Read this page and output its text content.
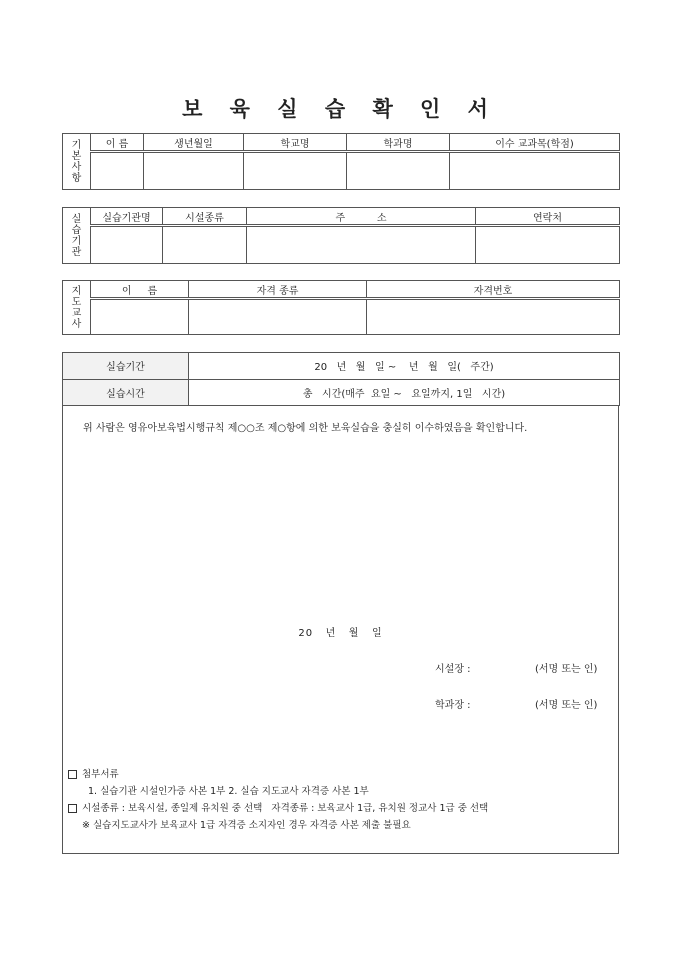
보 육 실 습 확 인 서
기
본
사
항	이 름	생년월일	학교명	학과명	이수 교과목(학점)

실
습
기
관	실습기관명	시설종류	주          소	연락처

지
도
교
사	이     름	자격 종류	자격번호

실습기간	20   년   월   일 ~    년   월   일(   주간)
실습시간	총   시간(매주  요일 ~   요일까지, 1일   시간)

위 사람은 영유아보육법시행규칙 제○○조 제○항에 의한 보육실습을 충실히 이수하였음을 확인합니다.

20   년   월   일

시설장 :	(서명 또는 인)

학과장 :	(서명 또는 인)

첨부서류
1. 실습기관 시설인가증 사본 1부 2. 실습 지도교사 자격증 사본 1부
시설종류 : 보육시설, 종일제 유치원 중 선택   자격종류 : 보육교사 1급, 유치원 정교사 1급 중 선택
※ 실습지도교사가 보육교사 1급 자격증 소지자인 경우 자격증 사본 제출 불필요
